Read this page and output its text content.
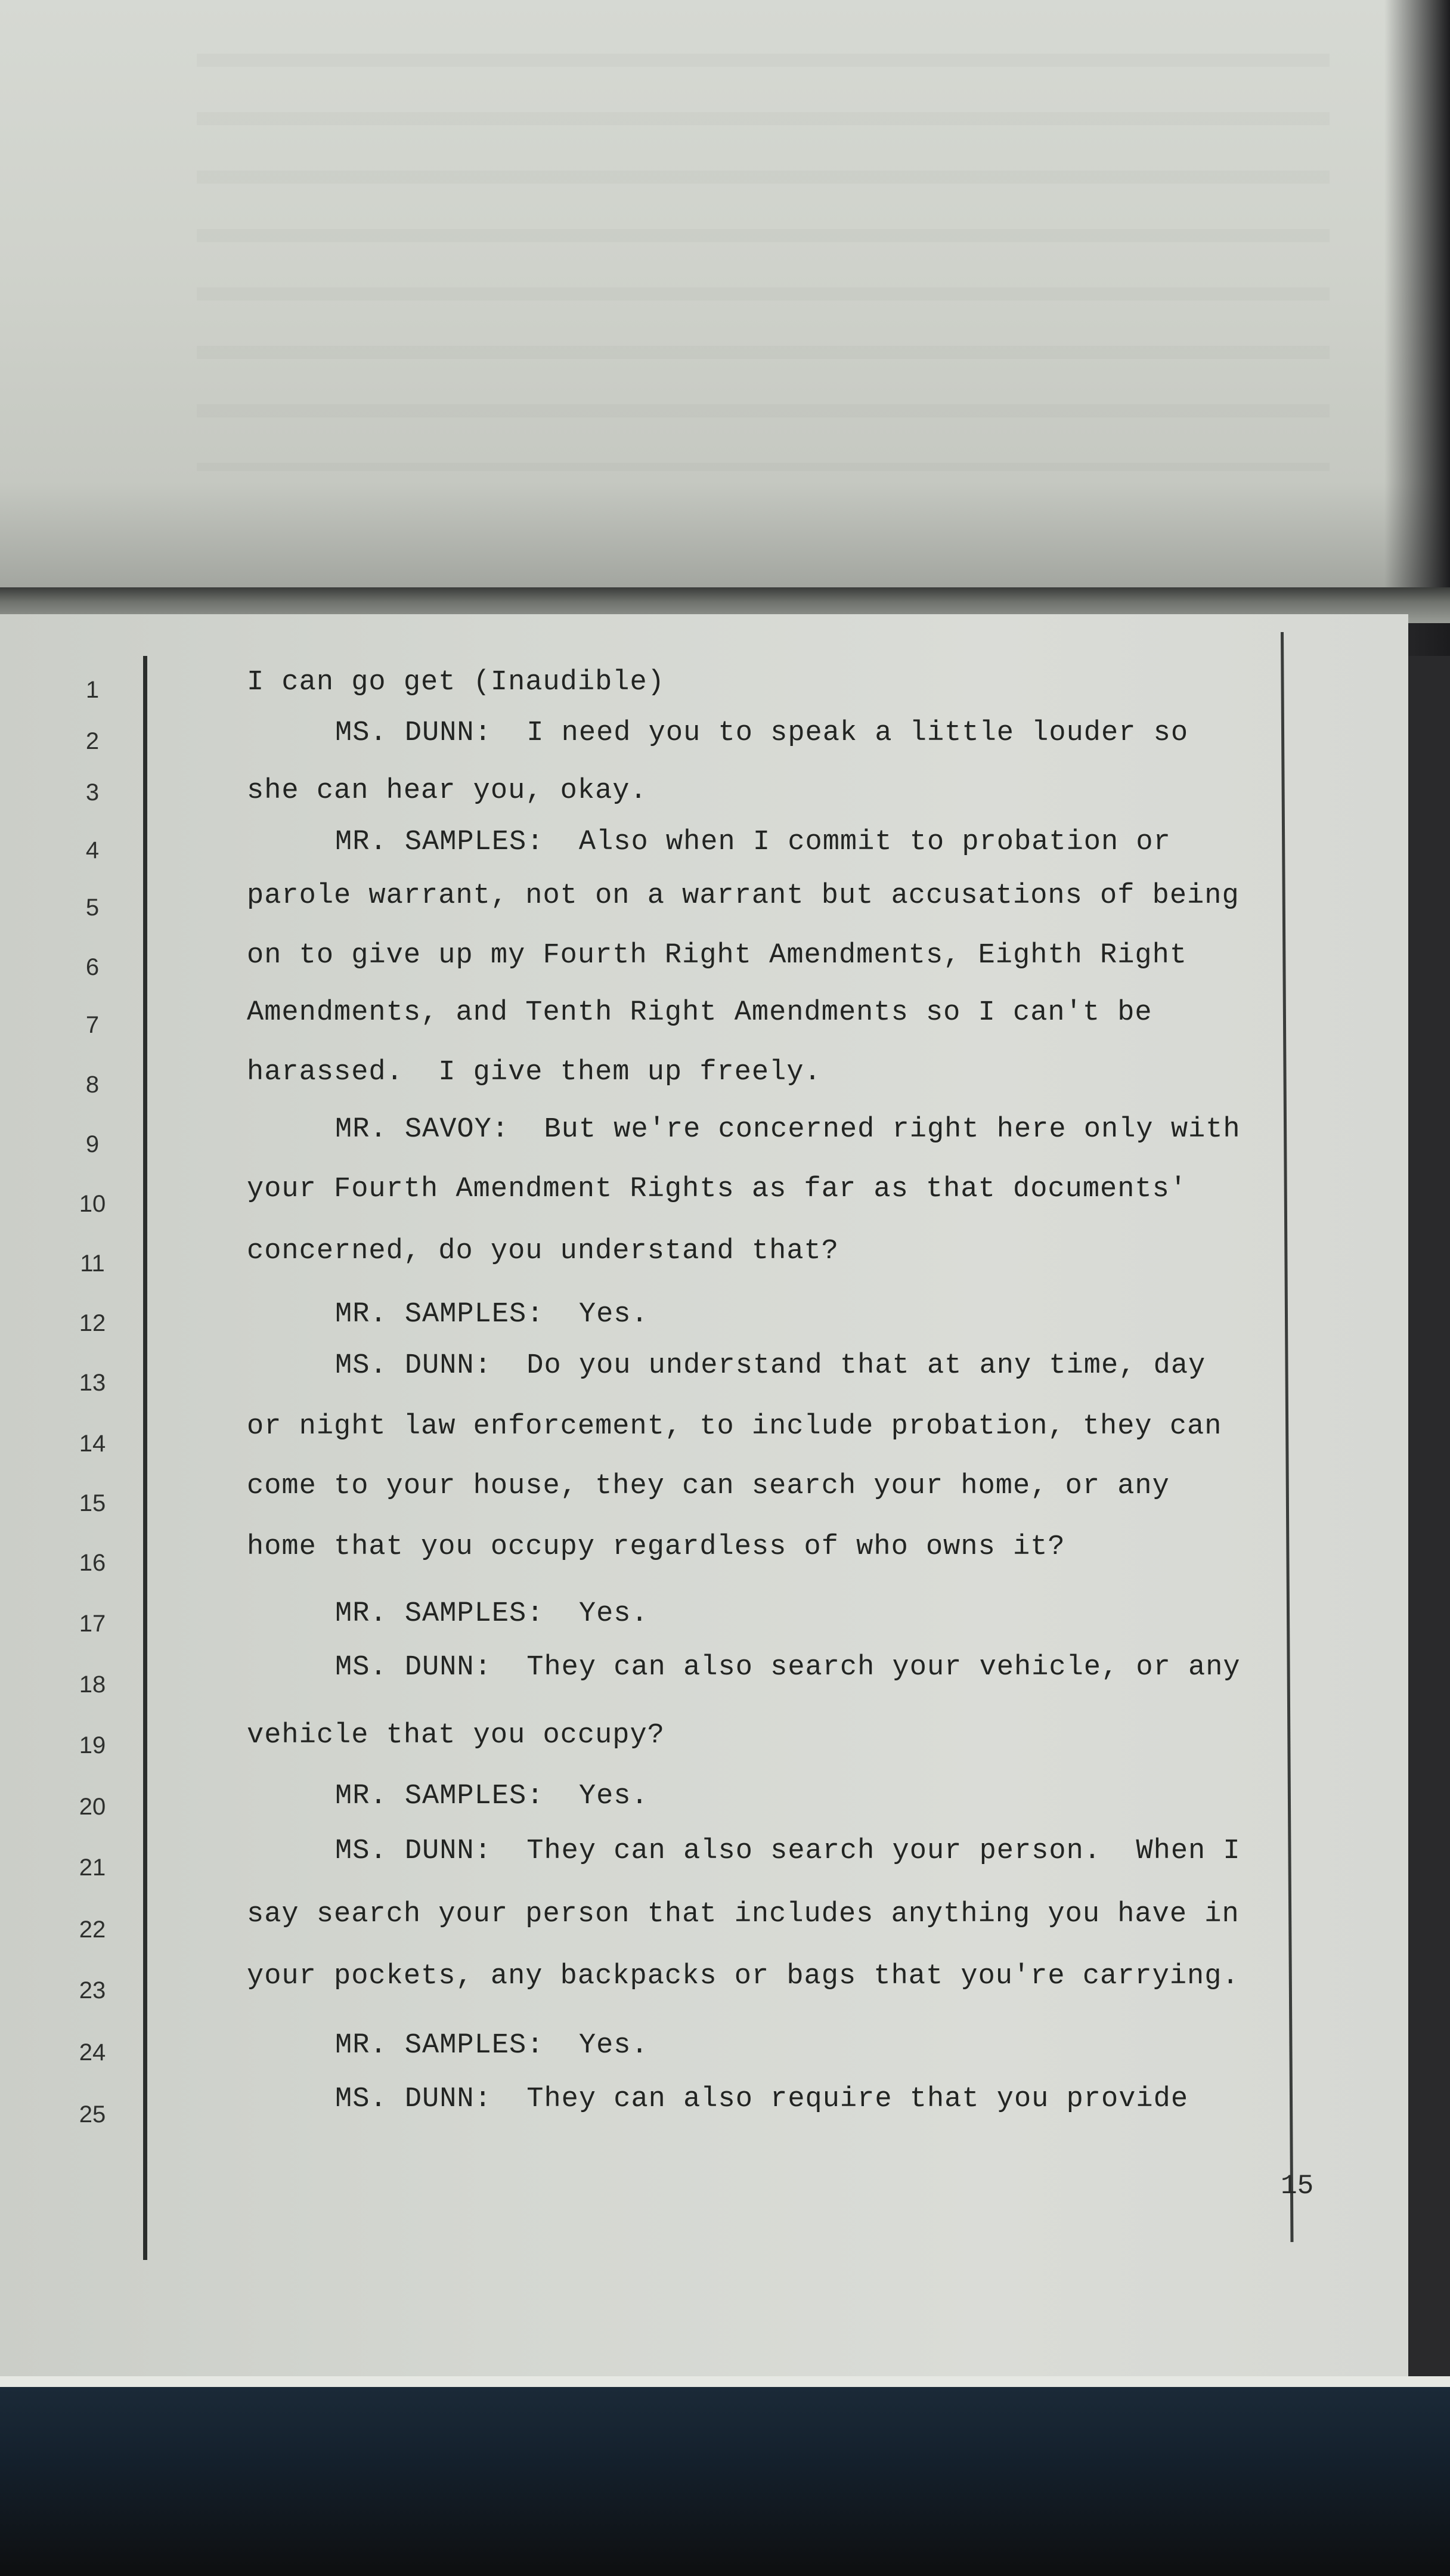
1
2
3
4
5
6
7
8
9
10
11
12
13
14
15
16
17
18
19
20
21
22
23
24
25
I can go get (Inaudible)
MS. DUNN:  I need you to speak a little louder so
she can hear you, okay.
MR. SAMPLES:  Also when I commit to probation or
parole warrant, not on a warrant but accusations of being
on to give up my Fourth Right Amendments, Eighth Right
Amendments, and Tenth Right Amendments so I can't be
harassed.  I give them up freely.
MR. SAVOY:  But we're concerned right here only with
your Fourth Amendment Rights as far as that documents'
concerned, do you understand that?
MR. SAMPLES:  Yes.
MS. DUNN:  Do you understand that at any time, day
or night law enforcement, to include probation, they can
come to your house, they can search your home, or any
home that you occupy regardless of who owns it?
MR. SAMPLES:  Yes.
MS. DUNN:  They can also search your vehicle, or any
vehicle that you occupy?
MR. SAMPLES:  Yes.
MS. DUNN:  They can also search your person.  When I
say search your person that includes anything you have in
your pockets, any backpacks or bags that you're carrying.
MR. SAMPLES:  Yes.
MS. DUNN:  They can also require that you provide
15
